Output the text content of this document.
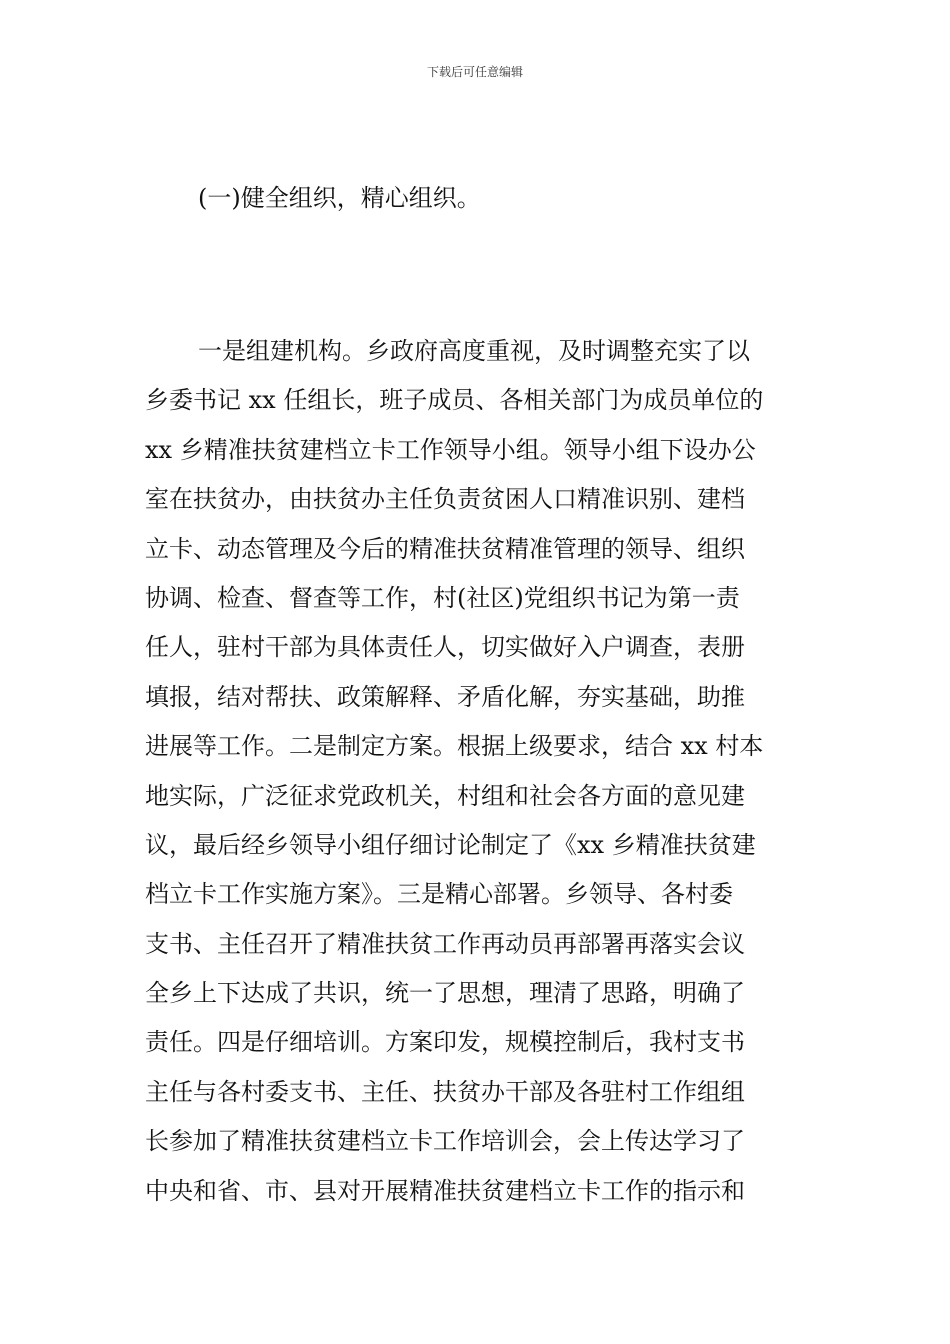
下载后可任意编辑
(一)健全组织，精心组织。
一是组建机构。乡政府高度重视，及时调整充实了以
乡委书记 xx 任组长，班子成员、各相关部门为成员单位的
xx 乡精准扶贫建档立卡工作领导小组。领导小组下设办公
室在扶贫办，由扶贫办主任负责贫困人口精准识别、建档
立卡、动态管理及今后的精准扶贫精准管理的领导、组织
协调、检查、督查等工作，村(社区)党组织书记为第一责
任人，驻村干部为具体责任人，切实做好入户调查，表册
填报，结对帮扶、政策解释、矛盾化解，夯实基础，助推
进展等工作。二是制定方案。根据上级要求，结合 xx 村本
地实际，广泛征求党政机关，村组和社会各方面的意见建
议，最后经乡领导小组仔细讨论制定了《xx 乡精准扶贫建
档立卡工作实施方案》。三是精心部署。乡领导、各村委
支书、主任召开了精准扶贫工作再动员再部署再落实会议
全乡上下达成了共识，统一了思想，理清了思路，明确了
责任。四是仔细培训。方案印发，规模控制后，我村支书
主任与各村委支书、主任、扶贫办干部及各驻村工作组组
长参加了精准扶贫建档立卡工作培训会，会上传达学习了
中央和省、市、县对开展精准扶贫建档立卡工作的指示和
